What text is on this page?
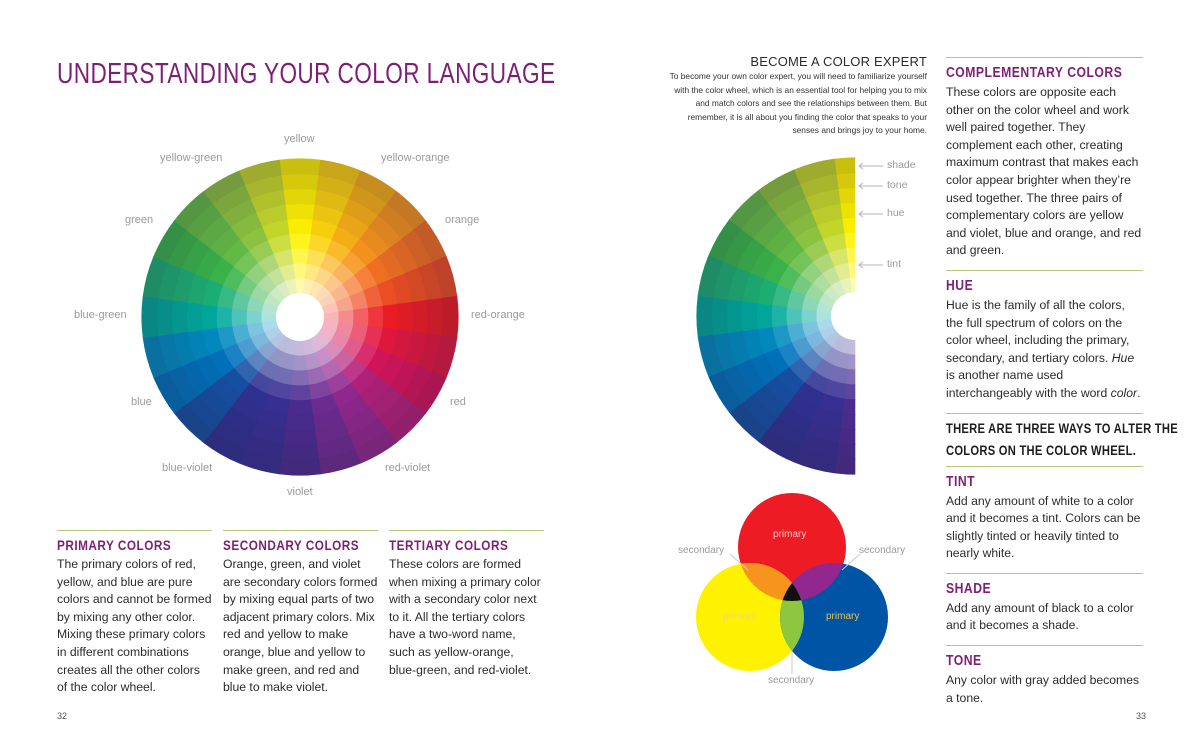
UNDERSTANDING YOUR COLOR LANGUAGE
yellow
yellow-orange
orange
red-orange
red
red-violet
violet
blue-violet
blue
blue-green
green
yellow-green
PRIMARY COLORS

The primary colors of red, yellow, and blue are pure colors and cannot be formed by mixing any other color. Mixing these primary colors in different combinations creates all the other colors of the color wheel.

SECONDARY COLORS

Orange, green, and violet are secondary colors formed by mixing equal parts of two adjacent primary colors. Mix red and yellow to make orange, blue and yellow to make green, and red and blue to make violet.

TERTIARY COLORS

These colors are formed when mixing a primary color with a secondary color next to it. All the tertiary colors have a two-word name, such as yellow-orange, blue-green, and red-violet.

32
BECOME A COLOR EXPERT
To become your own color expert, you will need to familiarize yourself with the color wheel, which is an essential tool for helping you to mix and match colors and see the relationships between them. But remember, it is all about you finding the color that speaks to your senses and brings joy to your home.
shade
tone
hue
tint
primary
primary	primary
secondary	secondary
secondary
COMPLEMENTARY COLORS

These colors are opposite each other on the color wheel and work well paired together. They complement each other, creating maximum contrast that makes each color appear brighter when they’re used together. The three pairs of complementary colors are yellow and violet, blue and orange, and red and green.

HUE

Hue is the family of all the colors, the full spectrum of colors on the color wheel, including the primary, secondary, and tertiary colors. Hue is another name used interchangeably with the word color.

THERE ARE THREE WAYS TO ALTER THE
COLORS ON THE COLOR WHEEL.
TINT

Add any amount of white to a color and it becomes a tint. Colors can be slightly tinted or heavily tinted to nearly white.

SHADE

Add any amount of black to a color and it becomes a shade.

TONE

Any color with gray added becomes a tone.

33
